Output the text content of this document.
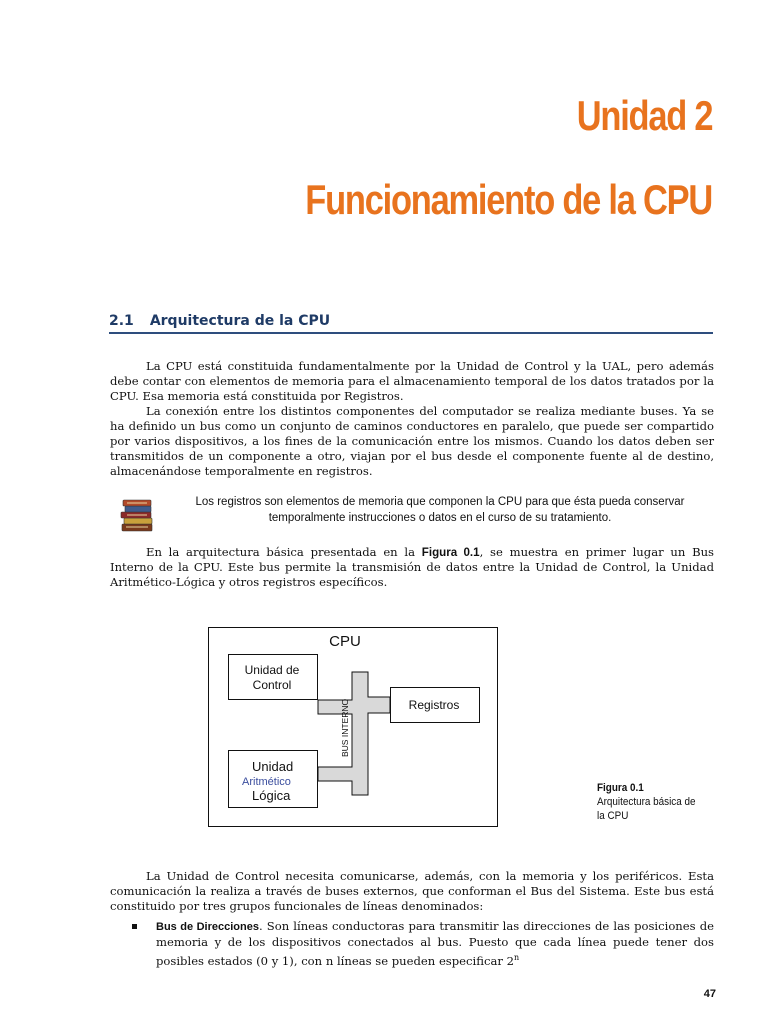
Unidad 2
Funcionamiento de la CPU
2.1 Arquitectura de la CPU

La CPU está constituida fundamentalmente por la Unidad de Control y la UAL, pero además debe contar con elementos de memoria para el almacenamiento temporal de los datos tratados por la CPU. Esa memoria está constituida por Registros.
La conexión entre los distintos componentes del computador se realiza mediante buses. Ya se ha definido un bus como un conjunto de caminos conductores en paralelo, que puede ser compartido por varios dispositivos, a los fines de la comunicación entre los mismos. Cuando los datos deben ser transmitidos de un componente a otro, viajan por el bus desde el componente fuente al de destino, almacenándose temporalmente en registros.

Los registros son elementos de memoria que componen la CPU para que ésta pueda conservar temporalmente instrucciones o datos en el curso de su tratamiento.

En la arquitectura básica presentada en la Figura 0.1, se muestra en primer lugar un Bus Interno de la CPU. Este bus permite la transmisión de datos entre la Unidad de Control, la Unidad Aritmético-Lógica y otros registros específicos.

CPU
BUS INTERNO
Unidad de
Control
Unidad
Aritmético
Lógica
Registros
Figura 0.1
Arquitectura básica de la CPU

La Unidad de Control necesita comunicarse, además, con la memoria y los periféricos. Esta comunicación la realiza a través de buses externos, que conforman el Bus del Sistema. Este bus está constituido por tres grupos funcionales de líneas denominados:

Bus de Direcciones. Son líneas conductoras para transmitir las direcciones de las posiciones de memoria y de los dispositivos conectados al bus. Puesto que cada línea puede tener dos posibles estados (0 y 1), con n líneas se pueden especificar 2$^n$
47
